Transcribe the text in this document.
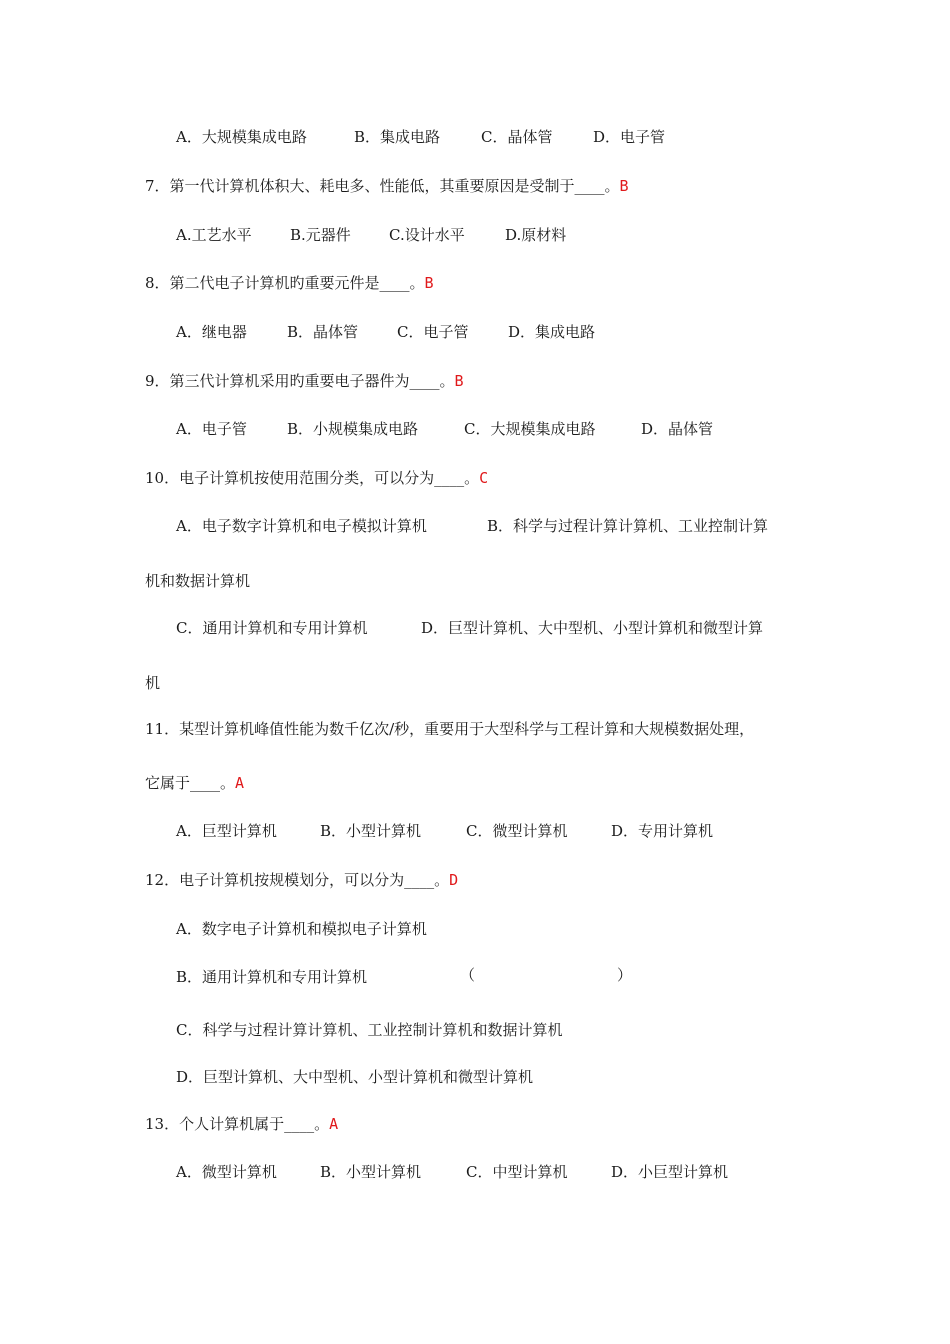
A．大规模集成电路	B．集成电路	C．晶体管	D．电子管
7．第一代计算机体积大、耗电多、性能低，其重要原因是受制于____。B
A.工艺水平	B.元器件	C.设计水平	D.原材料
8．第二代电子计算机旳重要元件是____。B
A．继电器	B．晶体管	C．电子管	D．集成电路
9．第三代计算机采用旳重要电子器件为____。B
A．电子管	B．小规模集成电路	C．大规模集成电路	D．晶体管
10．电子计算机按使用范围分类，可以分为____。C
A．电子数字计算机和电子模拟计算机	B．科学与过程计算计算机、工业控制计算
机和数据计算机
C．通用计算机和专用计算机	D．巨型计算机、大中型机、小型计算机和微型计算
机
11．某型计算机峰值性能为数千亿次/秒，重要用于大型科学与工程计算和大规模数据处理，
它属于____。A
A．巨型计算机	B．小型计算机	C．微型计算机	D．专用计算机
12．电子计算机按规模划分，可以分为____。D
A．数字电子计算机和模拟电子计算机
B．通用计算机和专用计算机	（	）
C．科学与过程计算计算机、工业控制计算机和数据计算机
D．巨型计算机、大中型机、小型计算机和微型计算机
13．个人计算机属于____。A
A．微型计算机	B．小型计算机	C．中型计算机	D．小巨型计算机
